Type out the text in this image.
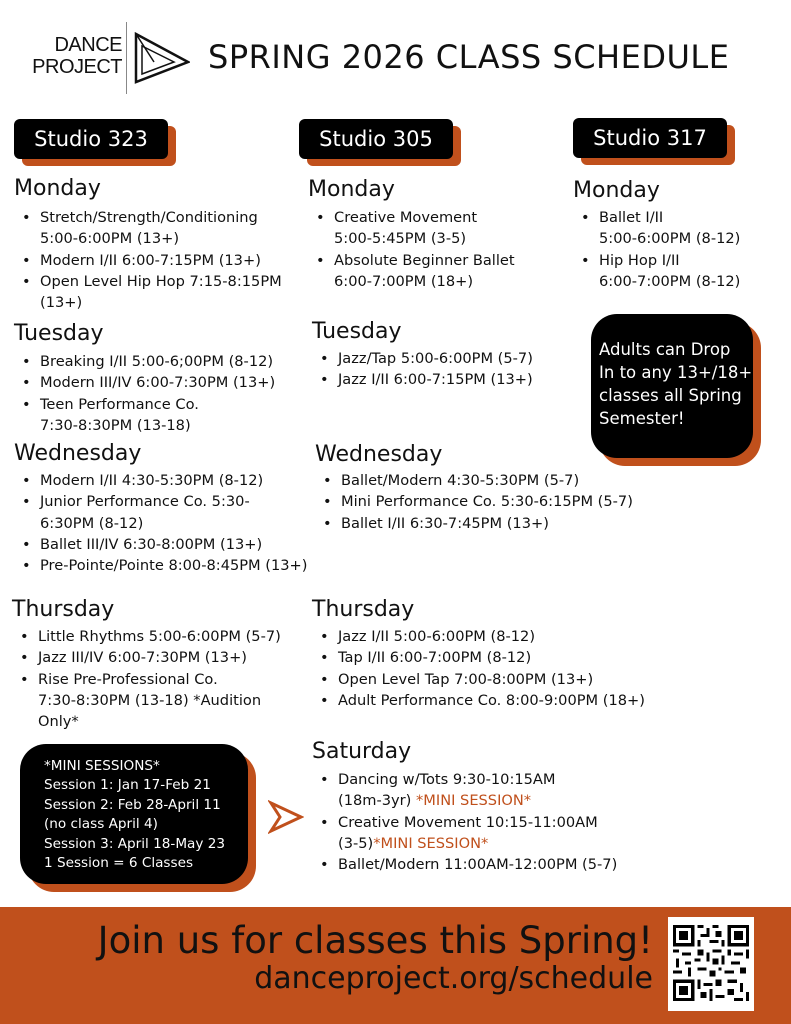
DANCE
PROJECT	SPRING 2026 CLASS SCHEDULE
Studio 323	Studio 305	Studio 317
Monday
• Stretch/Strength/Conditioning
5:00-6:00PM (13+)
• Modern I/II 6:00-7:15PM (13+)
• Open Level Hip Hop 7:15-8:15PM
(13+)
Tuesday
• Breaking I/II 5:00-6;00PM (8-12)
• Modern III/IV 6:00-7:30PM (13+)
• Teen Performance Co.
7:30-8:30PM (13-18)
Wednesday
• Modern I/II 4:30-5:30PM (8-12)
• Junior Performance Co. 5:30-
6:30PM (8-12)
• Ballet III/IV 6:30-8:00PM (13+)
• Pre-Pointe/Pointe 8:00-8:45PM (13+)
Thursday
• Little Rhythms 5:00-6:00PM (5-7)
• Jazz III/IV 6:00-7:30PM (13+)
• Rise Pre-Professional Co.
7:30-8:30PM (13-18) *Audition
Only*
Monday
• Creative Movement
5:00-5:45PM (3-5)
• Absolute Beginner Ballet
6:00-7:00PM (18+)
Tuesday
• Jazz/Tap 5:00-6:00PM (5-7)
• Jazz I/II 6:00-7:15PM (13+)
Wednesday
• Ballet/Modern 4:30-5:30PM (5-7)
• Mini Performance Co. 5:30-6:15PM (5-7)
• Ballet I/II 6:30-7:45PM (13+)
Thursday
• Jazz I/II 5:00-6:00PM (8-12)
• Tap I/II 6:00-7:00PM (8-12)
• Open Level Tap 7:00-8:00PM (13+)
• Adult Performance Co. 8:00-9:00PM (18+)
Saturday
• Dancing w/Tots 9:30-10:15AM
(18m-3yr) *MINI SESSION*
• Creative Movement 10:15-11:00AM
(3-5)*MINI SESSION*
• Ballet/Modern 11:00AM-12:00PM (5-7)
Monday
• Ballet I/II
5:00-6:00PM (8-12)
• Hip Hop I/II
6:00-7:00PM (8-12)
Adults can Drop
In to any 13+/18+
classes all Spring
Semester!
*MINI SESSIONS*
Session 1: Jan 17-Feb 21
Session 2: Feb 28-April 11
(no class April 4)
Session 3: April 18-May 23
1 Session = 6 Classes
Join us for classes this Spring!
danceproject.org/schedule
